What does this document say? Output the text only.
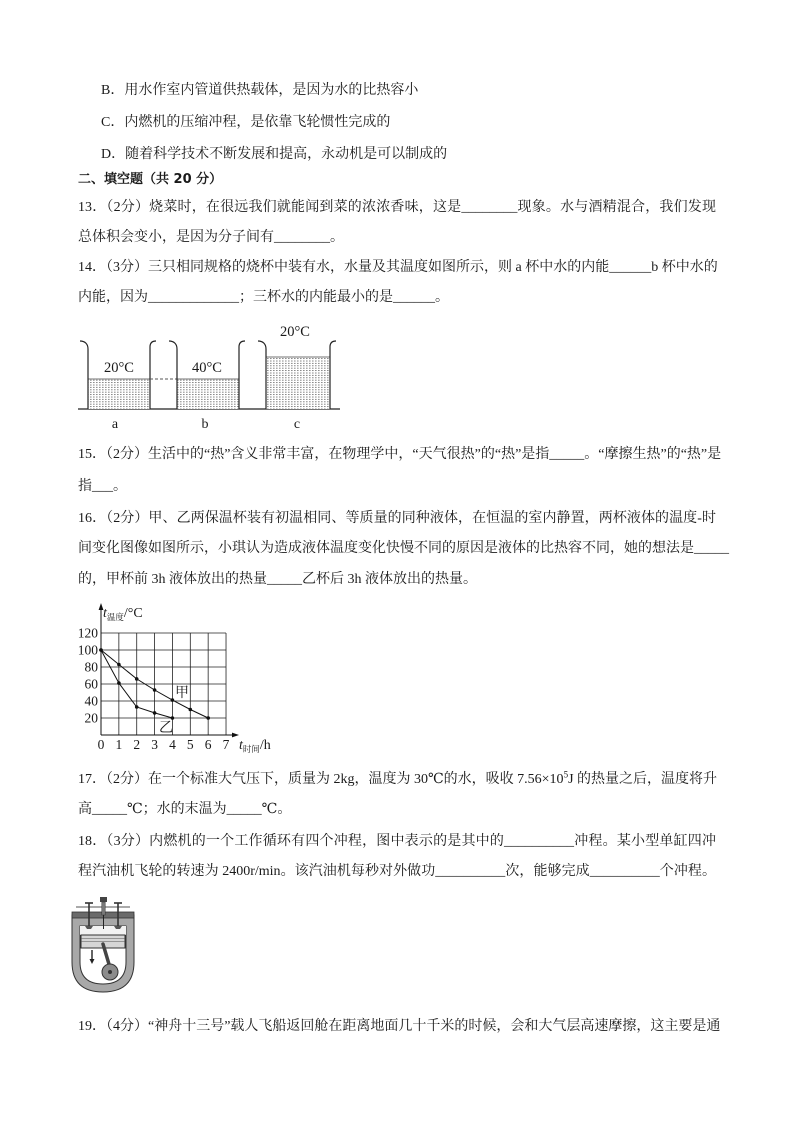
B．用水作室内管道供热载体，是因为水的比热容小
C．内燃机的压缩冲程，是依靠飞轮惯性完成的
D．随着科学技术不断发展和提高，永动机是可以制成的
二、填空题（共 20 分）
13．（2分）烧菜时，在很远我们就能闻到菜的浓浓香味，这是________现象。水与酒精混合，我们发现
总体积会变小，是因为分子间有________。
14．（3分）三只相同规格的烧杯中装有水，水量及其温度如图所示，则 a 杯中水的内能______b 杯中水的
内能，因为_____________；三杯水的内能最小的是______。
20°C
a
40°C
b
20°C
c
15．（2分）生活中的“热”含义非常丰富，在物理学中，“天气很热”的“热”是指_____。“摩擦生热”的“热”是
指___。
16．（2分）甲、乙两保温杯装有初温相同、等质量的同种液体，在恒温的室内静置，两杯液体的温度-时
间变化图像如图所示，小琪认为造成液体温度变化快慢不同的原因是液体的比热容不同，她的想法是_____
的，甲杯前 3h 液体放出的热量_____乙杯后 3h 液体放出的热量。
20
40
60
80
100
120
0 1 2 3 4 5 6 7
$t_{温度}/^\circ C$
$t_{时间}/h$
甲
乙
17．（2分）在一个标准大气压下，质量为 2kg，温度为 30℃的水，吸收 $7.56\times 10^5J$ 的热量之后，温度将升
高_____℃；水的末温为_____℃。
18．（3分）内燃机的一个工作循环有四个冲程，图中表示的是其中的__________冲程。某小型单缸四冲
程汽油机飞轮的转速为 2400r/min。该汽油机每秒对外做功__________次，能够完成__________个冲程。
19．（4分）“神舟十三号”载人飞船返回舱在距离地面几十千米的时候，会和大气层高速摩擦，这主要是通
